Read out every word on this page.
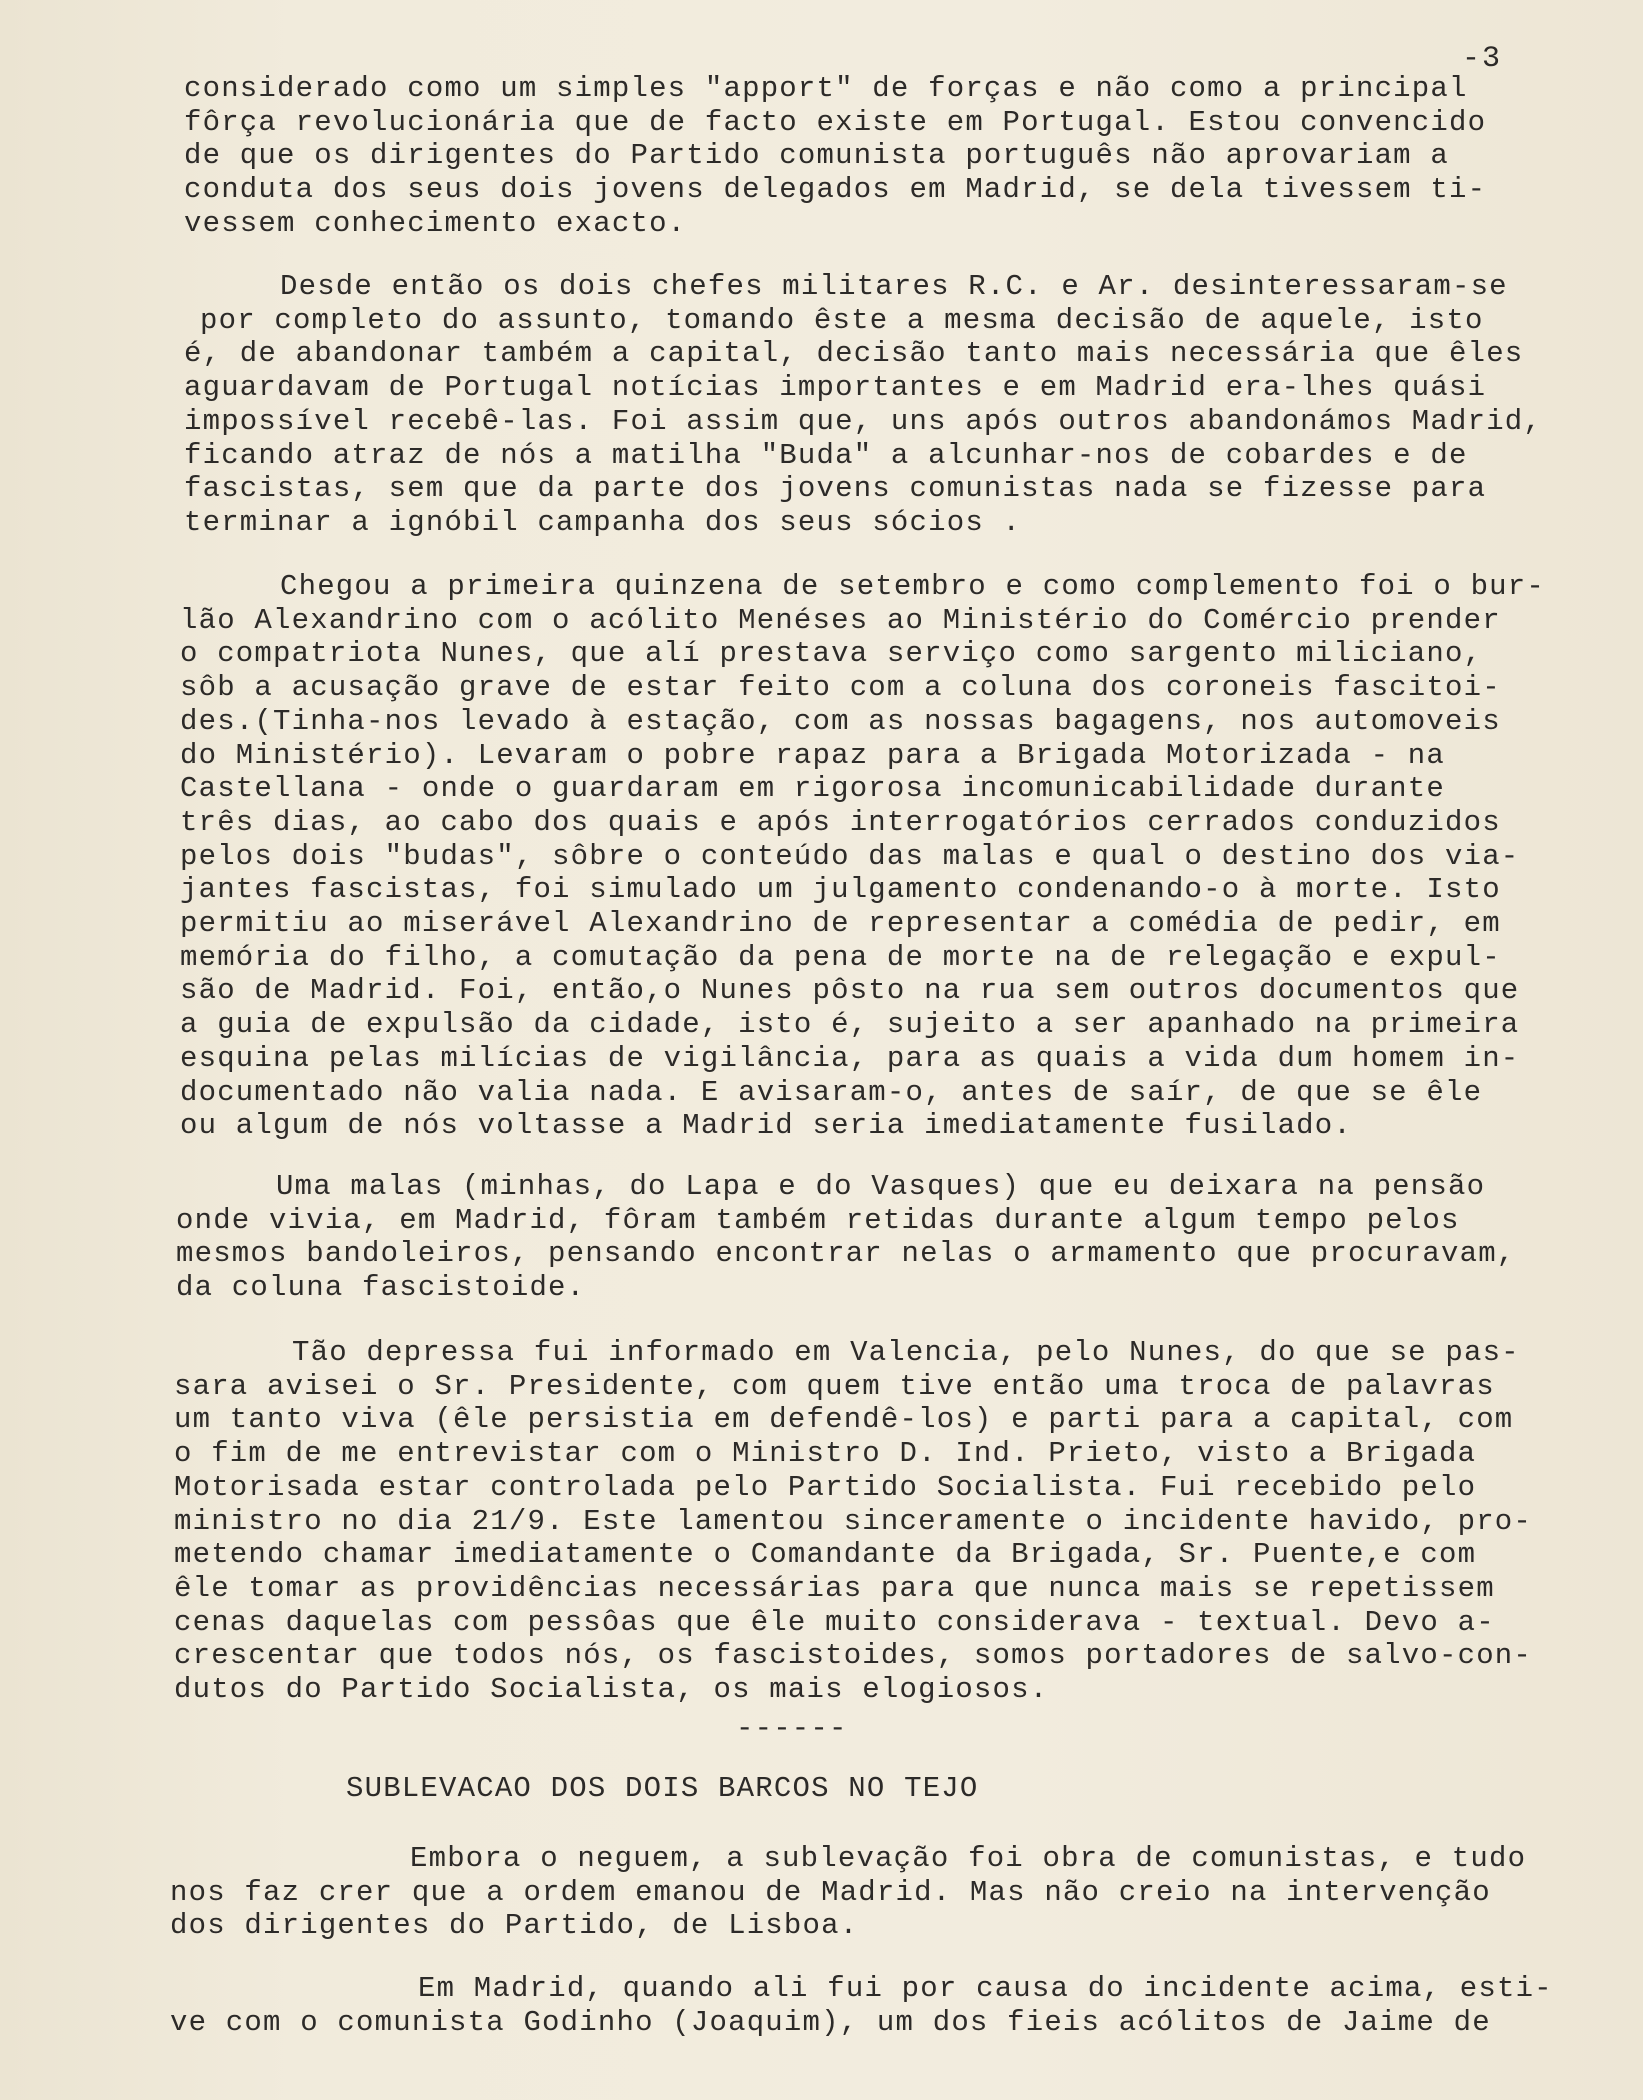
-3
considerado como um simples "apport" de forças e não como a principal
fôrça revolucionária que de facto existe em Portugal. Estou convencido
de que os dirigentes do Partido comunista português não aprovariam a
conduta dos seus dois jovens delegados em Madrid, se dela tivessem ti-
vessem conhecimento exacto.
Desde então os dois chefes militares R.C. e Ar. desinteressaram-se
por completo do assunto, tomando êste a mesma decisão de aquele, isto
é, de abandonar também a capital, decisão tanto mais necessária que êles
aguardavam de Portugal notícias importantes e em Madrid era-lhes quási
impossível recebê-las. Foi assim que, uns após outros abandonámos Madrid,
ficando atraz de nós a matilha "Buda" a alcunhar-nos de cobardes e de
fascistas, sem que da parte dos jovens comunistas nada se fizesse para
terminar a ignóbil campanha dos seus sócios .
Chegou a primeira quinzena de setembro e como complemento foi o bur-
lão Alexandrino com o acólito Menéses ao Ministério do Comércio prender
o compatriota Nunes, que alí prestava serviço como sargento miliciano,
sôb a acusação grave de estar feito com a coluna dos coroneis fascitoi-
des.(Tinha-nos levado à estação, com as nossas bagagens, nos automoveis
do Ministério). Levaram o pobre rapaz para a Brigada Motorizada - na
Castellana - onde o guardaram em rigorosa incomunicabilidade durante
três dias, ao cabo dos quais e após interrogatórios cerrados conduzidos
pelos dois "budas", sôbre o conteúdo das malas e qual o destino dos via-
jantes fascistas, foi simulado um julgamento condenando-o à morte. Isto
permitiu ao miserável Alexandrino de representar a comédia de pedir, em
memória do filho, a comutação da pena de morte na de relegação e expul-
são de Madrid. Foi, então,o Nunes pôsto na rua sem outros documentos que
a guia de expulsão da cidade, isto é, sujeito a ser apanhado na primeira
esquina pelas milícias de vigilância, para as quais a vida dum homem in-
documentado não valia nada. E avisaram-o, antes de saír, de que se êle
ou algum de nós voltasse a Madrid seria imediatamente fusilado.
Uma malas (minhas, do Lapa e do Vasques) que eu deixara na pensão
onde vivia, em Madrid, fôram também retidas durante algum tempo pelos
mesmos bandoleiros, pensando encontrar nelas o armamento que procuravam,
da coluna fascistoide.
Tão depressa fui informado em Valencia, pelo Nunes, do que se pas-
sara avisei o Sr. Presidente, com quem tive então uma troca de palavras
um tanto viva (êle persistia em defendê-los) e parti para a capital, com
o fim de me entrevistar com o Ministro D. Ind. Prieto, visto a Brigada
Motorisada estar controlada pelo Partido Socialista. Fui recebido pelo
ministro no dia 21/9. Este lamentou sinceramente o incidente havido, pro-
metendo chamar imediatamente o Comandante da Brigada, Sr. Puente,e com
êle tomar as providências necessárias para que nunca mais se repetissem
cenas daquelas com pessôas que êle muito considerava - textual. Devo a-
crescentar que todos nós, os fascistoides, somos portadores de salvo-con-
dutos do Partido Socialista, os mais elogiosos.
------
SUBLEVACAO DOS DOIS BARCOS NO TEJO
Embora o neguem, a sublevação foi obra de comunistas, e tudo
nos faz crer que a ordem emanou de Madrid. Mas não creio na intervenção
dos dirigentes do Partido, de Lisboa.
Em Madrid, quando ali fui por causa do incidente acima, esti-
ve com o comunista Godinho (Joaquim), um dos fieis acólitos de Jaime de
